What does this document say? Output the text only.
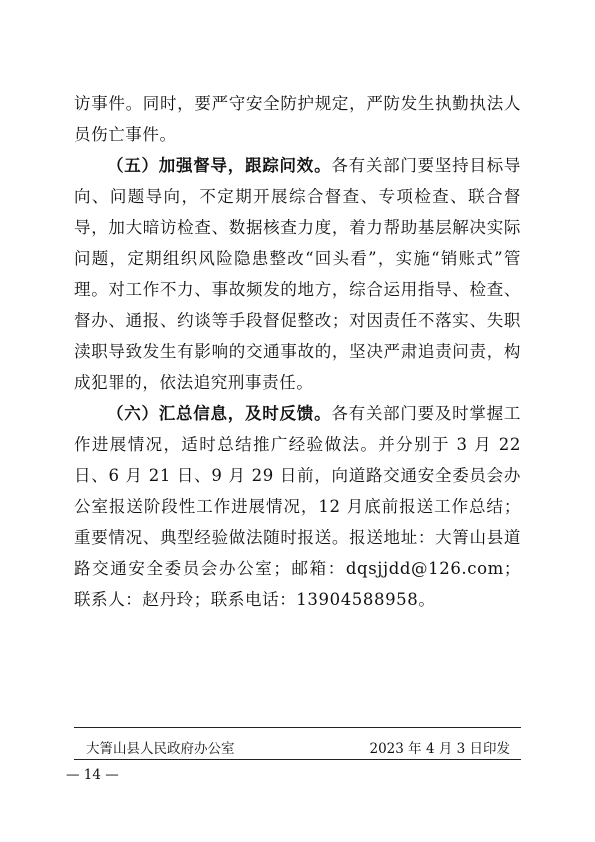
访事件。同时，要严守安全防护规定，严防发生执勤执法人员伤亡事件。

（五）加强督导，跟踪问效。各有关部门要坚持目标导向、问题导向，不定期开展综合督查、专项检查、联合督导，加大暗访检查、数据核查力度，着力帮助基层解决实际问题，定期组织风险隐患整改“回头看”，实施“销账式”管理。对工作不力、事故频发的地方，综合运用指导、检查、督办、通报、约谈等手段督促整改；对因责任不落实、失职渎职导致发生有影响的交通事故的，坚决严肃追责问责，构成犯罪的，依法追究刑事责任。

（六）汇总信息，及时反馈。各有关部门要及时掌握工作进展情况，适时总结推广经验做法。并分别于 3 月 22 日、6 月 21 日、9 月 29 日前，向道路交通安全委员会办公室报送阶段性工作进展情况，12 月底前报送工作总结；重要情况、典型经验做法随时报送。报送地址：大箐山县道路交通安全委员会办公室；邮箱：dqsjjdd@126.com；联系人：赵丹玲；联系电话：13904588958。

大箐山县人民政府办公室	2023 年 4 月 3 日印发
— 14 —
